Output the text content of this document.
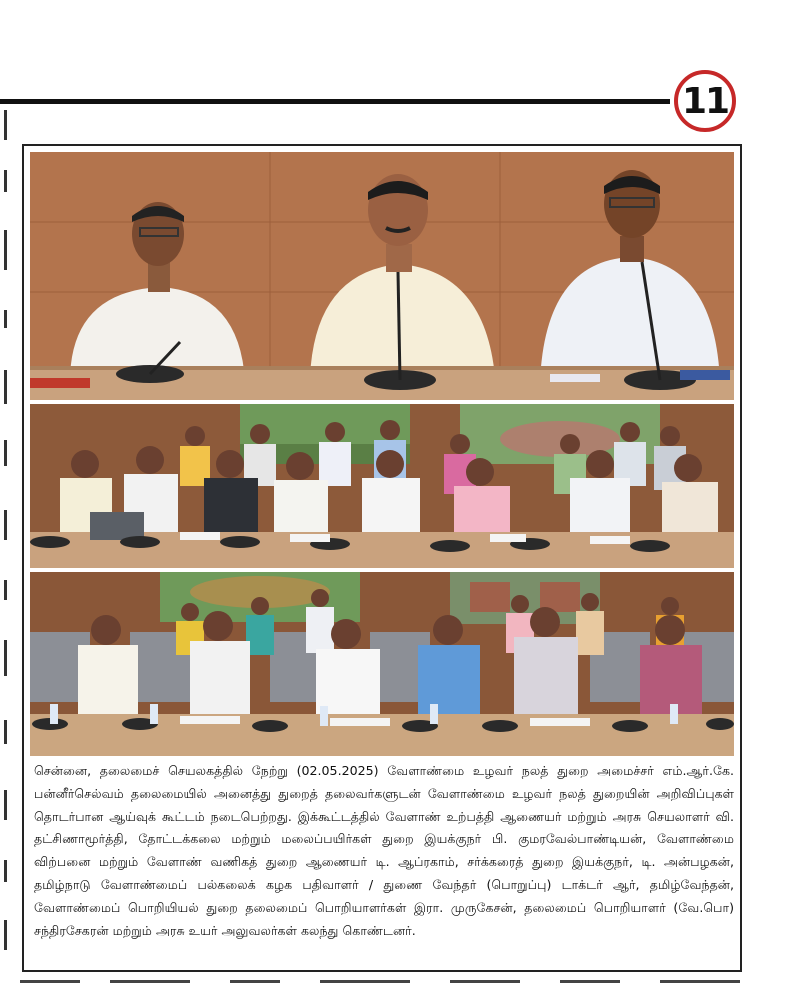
11
சென்னை, தலைமைச் செயலகத்தில் நேற்று (02.05.2025) வேளாண்மை உழவர் நலத் துறை அமைச்சர் எம்.ஆர்.கே. பன்னீர்செல்வம் தலைமையில் அனைத்து துறைத் தலைவர்களுடன் வேளாண்மை உழவர் நலத் துறையின் அறிவிப்புகள் தொடர்பான ஆய்வுக் கூட்டம் நடைபெற்றது. இக்கூட்டத்தில் வேளாண் உற்பத்தி ஆணையர் மற்றும் அரசு செயலாளர் வி. தட்சிணாமூர்த்தி, தோட்டக்கலை மற்றும் மலைப்பயிர்கள் துறை இயக்குநர் பி. குமரவேல்பாண்டியன், வேளாண்மை விற்பனை மற்றும் வேளாண் வணிகத் துறை ஆணையர் டி. ஆப்ரகாம், சர்க்கரைத் துறை இயக்குநர், டி. அன்பழகன், தமிழ்நாடு வேளாண்மைப் பல்கலைக் கழக பதிவாளர் / துணை வேந்தர் (பொறுப்பு) டாக்டர் ஆர், தமிழ்வேந்தன், வேளாண்மைப் பொறியியல் துறை தலைமைப் பொறியாளர்கள் இரா. முருகேசன், தலைமைப் பொறியாளர் (வே.பொ) சந்திரசேகரன் மற்றும் அரசு உயர் அலுவலர்கள் கலந்து கொண்டனர்.
